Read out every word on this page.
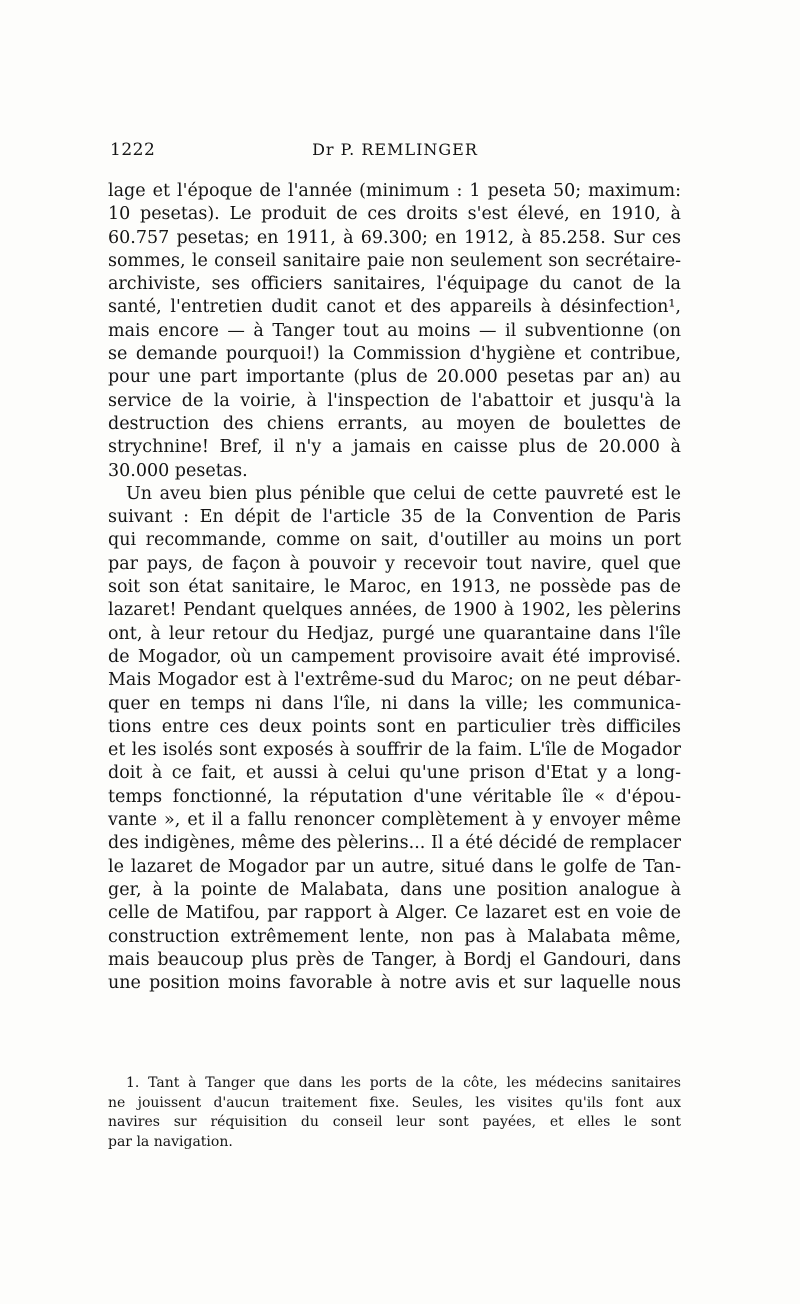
1222	Dr P. REMLINGER
lage et l'époque de l'année (minimum : 1 peseta 50; maximum:
10 pesetas). Le produit de ces droits s'est élevé, en 1910, à
60.757 pesetas; en 1911, à 69.300; en 1912, à 85.258. Sur ces
sommes, le conseil sanitaire paie non seulement son secrétaire-
archiviste, ses officiers sanitaires, l'équipage du canot de la
santé, l'entretien dudit canot et des appareils à désinfection¹,
mais encore — à Tanger tout au moins — il subventionne (on
se demande pourquoi!) la Commission d'hygiène et contribue,
pour une part importante (plus de 20.000 pesetas par an) au
service de la voirie, à l'inspection de l'abattoir et jusqu'à la
destruction des chiens errants, au moyen de boulettes de
strychnine! Bref, il n'y a jamais en caisse plus de 20.000 à
30.000 pesetas.
Un aveu bien plus pénible que celui de cette pauvreté est le
suivant : En dépit de l'article 35 de la Convention de Paris
qui recommande, comme on sait, d'outiller au moins un port
par pays, de façon à pouvoir y recevoir tout navire, quel que
soit son état sanitaire, le Maroc, en 1913, ne possède pas de
lazaret! Pendant quelques années, de 1900 à 1902, les pèlerins
ont, à leur retour du Hedjaz, purgé une quarantaine dans l'île
de Mogador, où un campement provisoire avait été improvisé.
Mais Mogador est à l'extrême-sud du Maroc; on ne peut débar-
quer en temps ni dans l'île, ni dans la ville; les communica-
tions entre ces deux points sont en particulier très difficiles
et les isolés sont exposés à souffrir de la faim. L'île de Mogador
doit à ce fait, et aussi à celui qu'une prison d'Etat y a long-
temps fonctionné, la réputation d'une véritable île « d'épou-
vante », et il a fallu renoncer complètement à y envoyer même
des indigènes, même des pèlerins... Il a été décidé de remplacer
le lazaret de Mogador par un autre, situé dans le golfe de Tan-
ger, à la pointe de Malabata, dans une position analogue à
celle de Matifou, par rapport à Alger. Ce lazaret est en voie de
construction extrêmement lente, non pas à Malabata même,
mais beaucoup plus près de Tanger, à Bordj el Gandouri, dans
une position moins favorable à notre avis et sur laquelle nous
1. Tant à Tanger que dans les ports de la côte, les médecins sanitaires
ne jouissent d'aucun traitement fixe. Seules, les visites qu'ils font aux
navires sur réquisition du conseil leur sont payées, et elles le sont
par la navigation.
